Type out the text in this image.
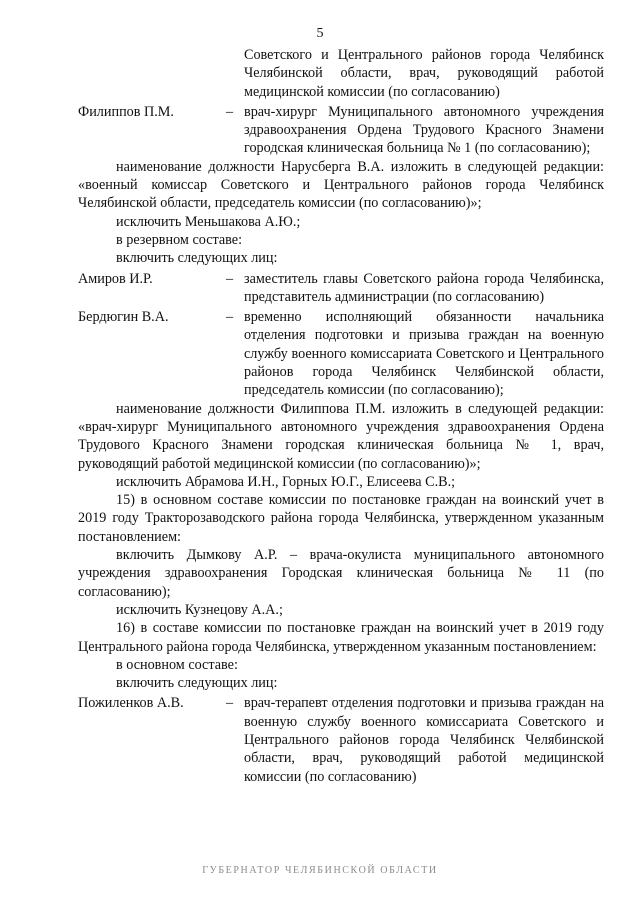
5
Советского и Центрального районов города Челябинск Челябинской области, врач, руководящий работой медицинской комиссии (по согласованию)
Филиппов П.М.	– врач-хирург Муниципального автономного учреждения здравоохранения Ордена Трудового Красного Знамени городская клиническая больница № 1 (по согласованию);
наименование должности Нарусберга В.А. изложить в следующей редакции: «военный комиссар Советского и Центрального районов города Челябинск Челябинской области, председатель комиссии (по согласованию)»;
исключить Меньшакова А.Ю.;
в резервном составе:
включить следующих лиц:
Амиров И.Р.	– заместитель главы Советского района города Челябинска, представитель администрации (по согласованию)
Бердюгин В.А.	– временно исполняющий обязанности начальника отделения подготовки и призыва граждан на военную службу военного комиссариата Советского и Центрального районов города Челябинск Челябинской области, председатель комиссии (по согласованию);
наименование должности Филиппова П.М. изложить в следующей редакции: «врач-хирург Муниципального автономного учреждения здравоохранения Ордена Трудового Красного Знамени городская клиническая больница № 1, врач, руководящий работой медицинской комиссии (по согласованию)»;
исключить Абрамова И.Н., Горных Ю.Г., Елисеева С.В.;
15) в основном составе комиссии по постановке граждан на воинский учет в 2019 году Тракторозаводского района города Челябинска, утвержденном указанным постановлением:
включить Дымкову А.Р. – врача-окулиста муниципального автономного учреждения здравоохранения Городская клиническая больница № 11 (по согласованию);
исключить Кузнецову А.А.;
16) в составе комиссии по постановке граждан на воинский учет в 2019 году Центрального района города Челябинска, утвержденном указанным постановлением:
в основном составе:
включить следующих лиц:
Пожиленков А.В.	– врач-терапевт отделения подготовки и призыва граждан на военную службу военного комиссариата Советского и Центрального районов города Челябинск Челябинской области, врач, руководящий работой медицинской комиссии (по согласованию)
ГУБЕРНАТОР ЧЕЛЯБИНСКОЙ ОБЛАСТИ
